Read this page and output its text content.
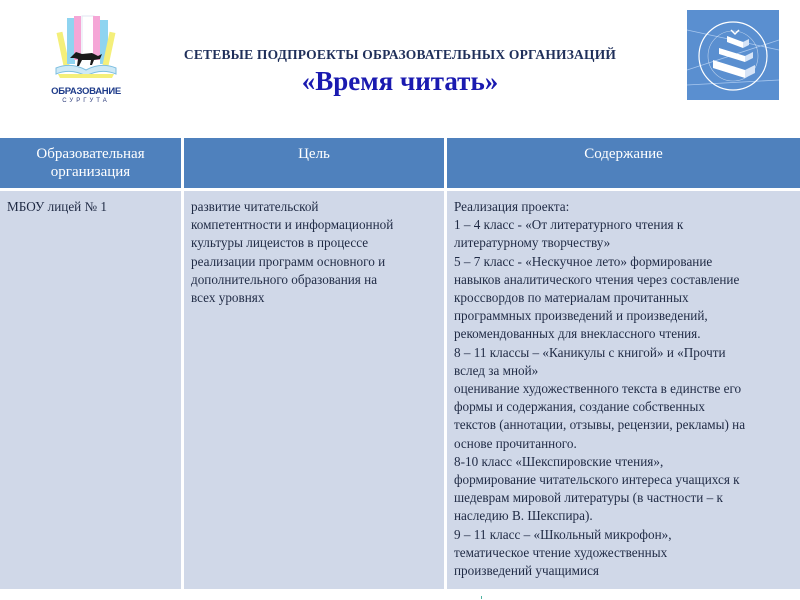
ОБРАЗОВАНИЕ
СУРГУТА
СЕТЕВЫЕ ПОДПРОЕКТЫ ОБРАЗОВАТЕЛЬНЫХ ОРГАНИЗАЦИЙ
«Время читать»
Образовательная
организация
Цель	Содержание
МБОУ лицей № 1	развитие читательской
компетентности и информационной
культуры лицеистов в процессе
реализации программ основного и
дополнительного образования на
всех уровнях
Реализация проекта:
1 – 4 класс - «От литературного чтения к
литературному творчеству»
5 – 7 класс - «Нескучное лето» формирование
навыков аналитического чтения через составление
кроссвордов по материалам прочитанных
программных произведений и произведений,
рекомендованных для внеклассного чтения.
8 – 11 классы – «Каникулы с книгой» и «Прочти
вслед за мной»
оценивание художественного текста в единстве его
формы и содержания, создание собственных
текстов (аннотации, отзывы, рецензии, рекламы) на
основе прочитанного.
8-10 класс «Шекспировские чтения»,
формирование читательского интереса учащихся к
шедеврам мировой литературы (в частности – к
наследию В. Шекспира).
9 – 11 класс – «Школьный микрофон»,
тематическое чтение художественных
произведений учащимися
